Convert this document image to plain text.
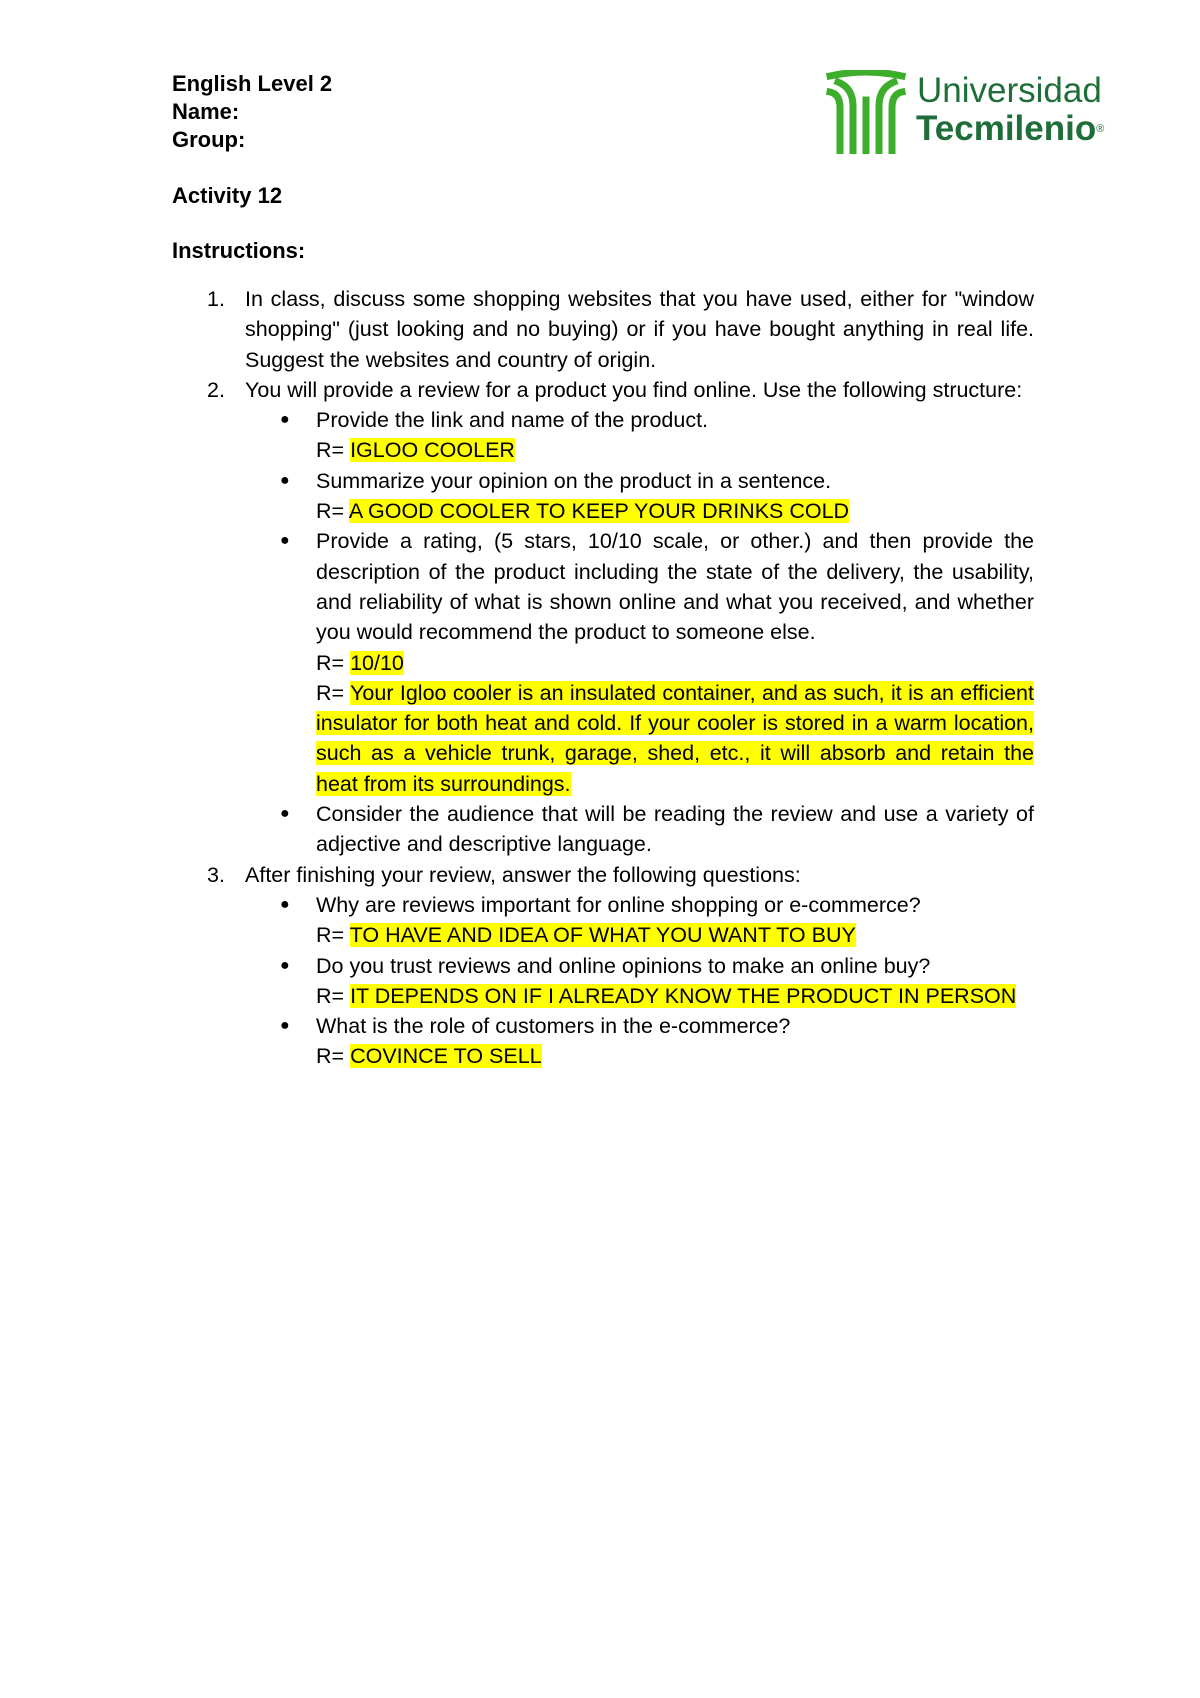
English Level 2
Name:
Group:
Activity 12
Instructions:
Universidad
Tecmilenio®
1. In class, discuss some shopping websites that you have used, either for "window shopping" (just looking and no buying) or if you have bought anything in real life. Suggest the websites and country of origin.
2. You will provide a review for a product you find online. Use the following structure:
● Provide the link and name of the product.
R= IGLOO COOLER
● Summarize your opinion on the product in a sentence.
R= A GOOD COOLER TO KEEP YOUR DRINKS COLD
● Provide a rating, (5 stars, 10/10 scale, or other.) and then provide the description of the product including the state of the delivery, the usability, and reliability of what is shown online and what you received, and whether you would recommend the product to someone else.
R= 10/10
R= Your Igloo cooler is an insulated container, and as such, it is an efficient insulator for both heat and cold. If your cooler is stored in a warm location, such as a vehicle trunk, garage, shed, etc., it will absorb and retain the heat from its surroundings.
● Consider the audience that will be reading the review and use a variety of adjective and descriptive language.
3. After finishing your review, answer the following questions:
● Why are reviews important for online shopping or e-commerce?
R= TO HAVE AND IDEA OF WHAT YOU WANT TO BUY
● Do you trust reviews and online opinions to make an online buy?
R= IT DEPENDS ON IF I ALREADY KNOW THE PRODUCT IN PERSON
● What is the role of customers in the e-commerce?
R= COVINCE TO SELL
